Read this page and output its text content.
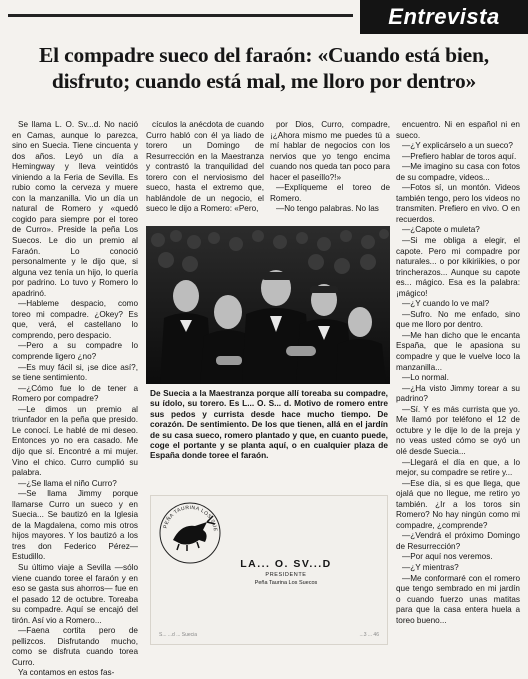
Entrevista
El compadre sueco del faraón: «Cuando está bien, disfruto; cuando está mal, me lloro por dentro»

Se llama L. O. Sv...d. No nació en Camas, aunque lo parezca, sino en Suecia. Tiene cincuenta y dos años. Leyó un día a Hemingway y lleva veintidós viniendo a la Feria de Sevilla. Es rubio como la cerveza y muere con la manzanilla. Vio un día un natural de Romero y «quedó cogido para siempre por el toreo de Curro». Preside la peña Los Suecos. Le dio un premio al Faraón. Lo conoció personalmente y le dijo que, si alguna vez tenía un hijo, lo quería por padrino. Lo tuvo y Romero lo apadrinó.

—Hableme despacio, como toreo mi compadre. ¿Okey? Es que, verá, el castellano lo comprendo, pero despacio.

—Pero a su compadre lo comprende ligero ¿no?

—Es muy fácil si, ¡se dice así?, se tiene sentimiento.

—¿Cómo fue lo de tener a Romero por compadre?

—Le dimos un premio al triunfador en la peña que presido. Le conocí. Le hablé de mi deseo. Entonces yo no era casado. Me dijo que sí. Encontré a mi mujer. Vino el chico. Curro cumplió su palabra.

—¿Se llama el niño Curro?

—Se llama Jimmy porque llamarse Curro un sueco y en Suecia... Se bautizó en la Iglesia de la Magdalena, como mis otros hijos mayores. Y los bautizó a los tres don Federico Pérez—Estudillo.

Su último viaje a Sevilla —sólo viene cuando toree el faraón y en eso se gasta sus ahorros— fue en el pasado 12 de octubre. Toreaba su compadre. Aquí se encajó del tirón. Así vio a Romero...

—Faena cortita pero de pellizcos. Disfrutando mucho, como se disfruta cuando torea Curro.

Ya contamos en estos fas-

cículos la anécdota de cuando Curro habló con él ya liado de torero un Domingo de Resurrección en la Maestranza y contrastó la tranquilidad del torero con el nerviosismo del sueco, hasta el extremo que, hablándole de un negocio, el sueco le dijo a Romero: «Pero,

por Dios, Curro, compadre, ¡¿Ahora mismo me puedes tú a mí hablar de negocios con los nervios que yo tengo encima cuando nos queda tan poco para hacer el paseíllo?!»

—Explíqueme el toreo de Romero.

—No tengo palabras. No las

encuentro. Ni en español ni en sueco.

—¿Y explicárselo a un sueco?

—Prefiero hablar de toros aquí.

—Me imagino su casa con fotos de su compadre, videos...

—Fotos sí, un montón. Videos también tengo, pero los videos no transmiten. Prefiero en vivo. O en recuerdos.

—¿Capote o muleta?

—Si me obliga a elegir, el capote. Pero mi compadre por naturales... o por kikiriikies, o por trincherazos... Aunque su capote es... mágico. Esa es la palabra: ¡mágico!

—¿Y cuando lo ve mal?

—Sufro. No me enfado, sino que me lloro por dentro.

—Me han dicho que le encanta España, que le apasiona su compadre y que le vuelve loco la manzanilla...

—Lo normal.

—¿Ha visto Jimmy torear a su padrino?

—Sí. Y es más currista que yo. Me llamó por teléfono el 12 de octubre y le dije lo de la preja y no veas usted cómo se oyó un olé desde Suecia...

—Llegará el día en que, a lo mejor, su compadre se retire y...

—Ese día, si es que llega, que ojalá que no llegue, me retiro yo también. ¿Ir a los toros sin Romero? No hay ningún como mi compadre, ¿comprende?

—¿Vendrá el próximo Domingo de Resurrección?

—Por aquí nos veremos.

—¿Y mientras?

—Me conformaré con el romero que tengo sembrado en mi jardín o cuando fuerzo unas matitas para que la casa entera huela a toreo bueno...

De Suecia a la Maestranza porque allí toreaba su compadre, su ídolo, su torero. Es L... O. S... d. Motivo de romero entre sus pedos y currista desde hace mucho tiempo. De corazón. De sentimiento. De los que tienen, allá en el jardín de su casa sueco, romero plantado y que, en cuanto puede, coge el portante y se planta aquí, o en cualquier plaza de España donde toree el faraón.
PEÑA TAURINA LOS SUE
LA... O. SV...D
PRESIDENTE
Peña Taurina Los Suecos
S... ...d ... Suecia	...3 ... 46
